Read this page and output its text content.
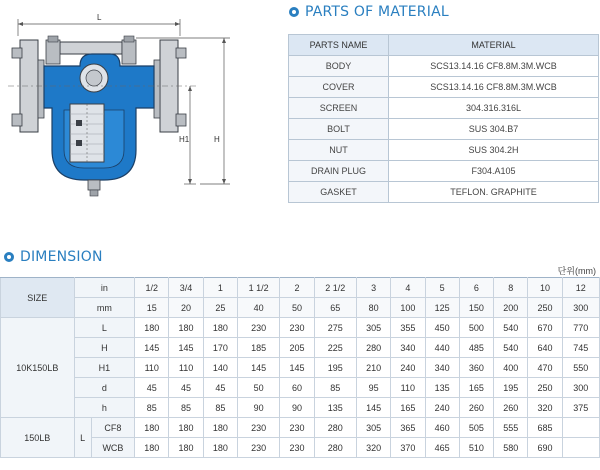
L
H1	H
PARTS OF MATERIAL
PARTS NAME	MATERIAL
BODY	SCS13.14.16 CF8.8M.3M.WCB
COVER	SCS13.14.16 CF8.8M.3M.WCB
SCREEN	304.316.316L
BOLT	SUS 304.B7
NUT	SUS 304.2H
DRAIN PLUG	F304.A105
GASKET	TEFLON. GRAPHITE
DIMENSION
단위(mm)
SIZE	in		1/2	3/4	1	1 1/2	2	2 1/2	3	4	5	6	8	10	12
	mm		15	20	25	40	50	65	80	100	125	150	200	250	300
10K150LB	L		180	180	180	230	230	275	305	355	450	500	540	670	770
	H		145	145	170	185	205	225	280	340	440	485	540	640	745
	H1		110	110	140	145	145	195	210	240	340	360	400	470	550
	d		45	45	45	50	60	85	95	110	135	165	195	250	300
	h		85	85	85	90	90	135	145	165	240	260	260	320	375
150LB	L	CF8	180	180	180	230	230	280	305	365	460	505	555	685	
		WCB	180	180	180	230	230	280	320	370	465	510	580	690	
